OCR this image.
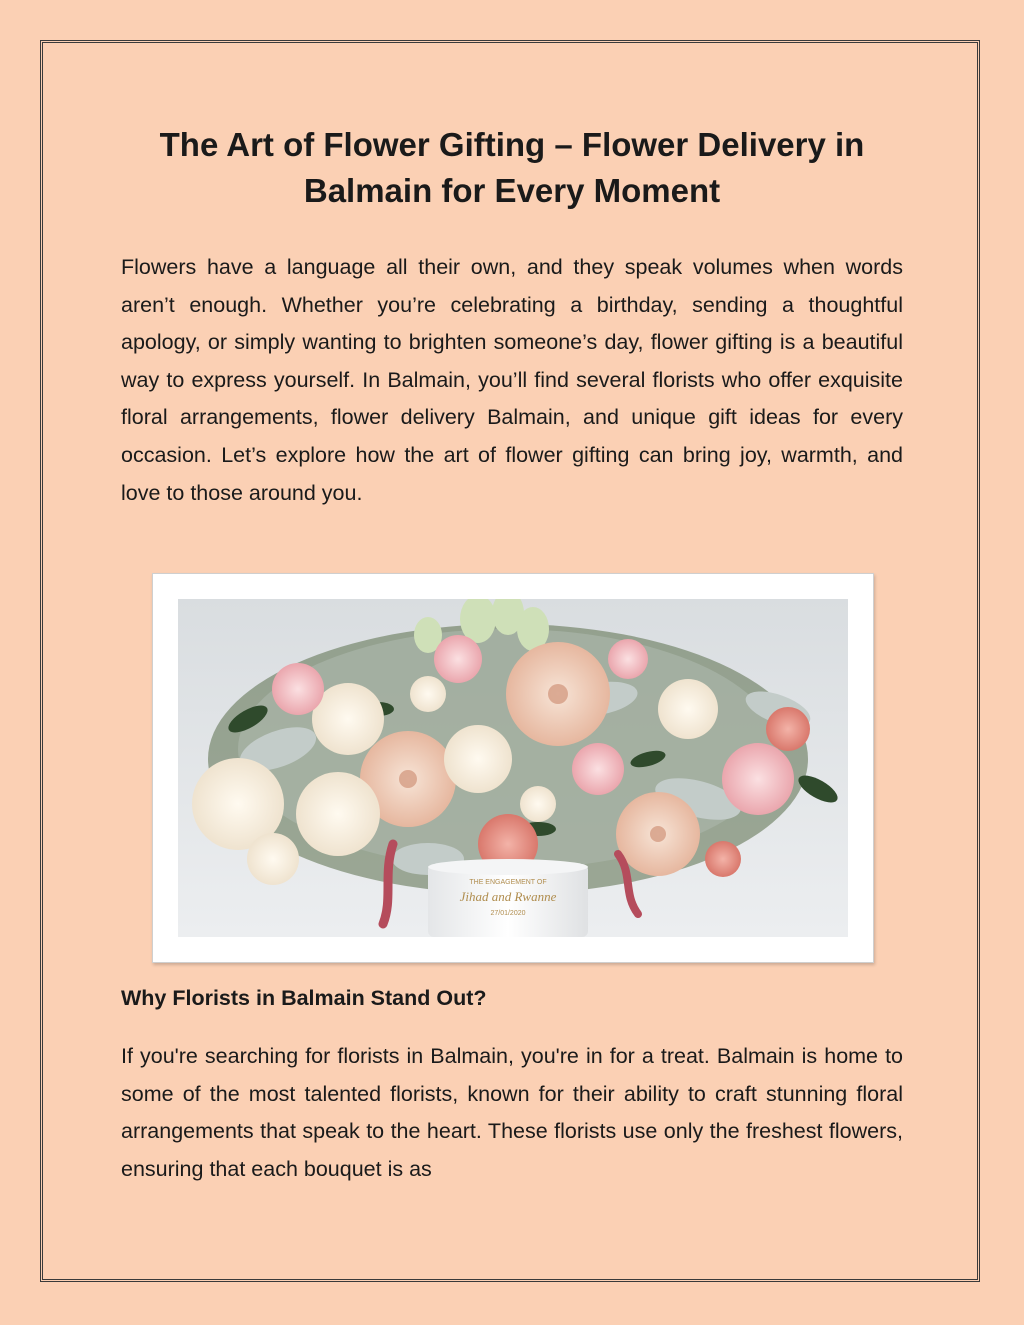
The Art of Flower Gifting – Flower Delivery in
Balmain for Every Moment

Flowers have a language all their own, and they speak volumes when words aren’t enough. Whether you’re celebrating a birthday, sending a thoughtful apology, or simply wanting to brighten someone’s day, flower gifting is a beautiful way to express yourself. In Balmain, you’ll find several florists who offer exquisite floral arrangements, flower delivery Balmain, and unique gift ideas for every occasion. Let’s explore how the art of flower gifting can bring joy, warmth, and love to those around you.

THE ENGAGEMENT OF
Jihad and Rwanne
27/01/2020
Why Florists in Balmain Stand Out?

If you're searching for florists in Balmain, you're in for a treat. Balmain is home to some of the most talented florists, known for their ability to craft stunning floral arrangements that speak to the heart. These florists use only the freshest flowers, ensuring that each bouquet is as
